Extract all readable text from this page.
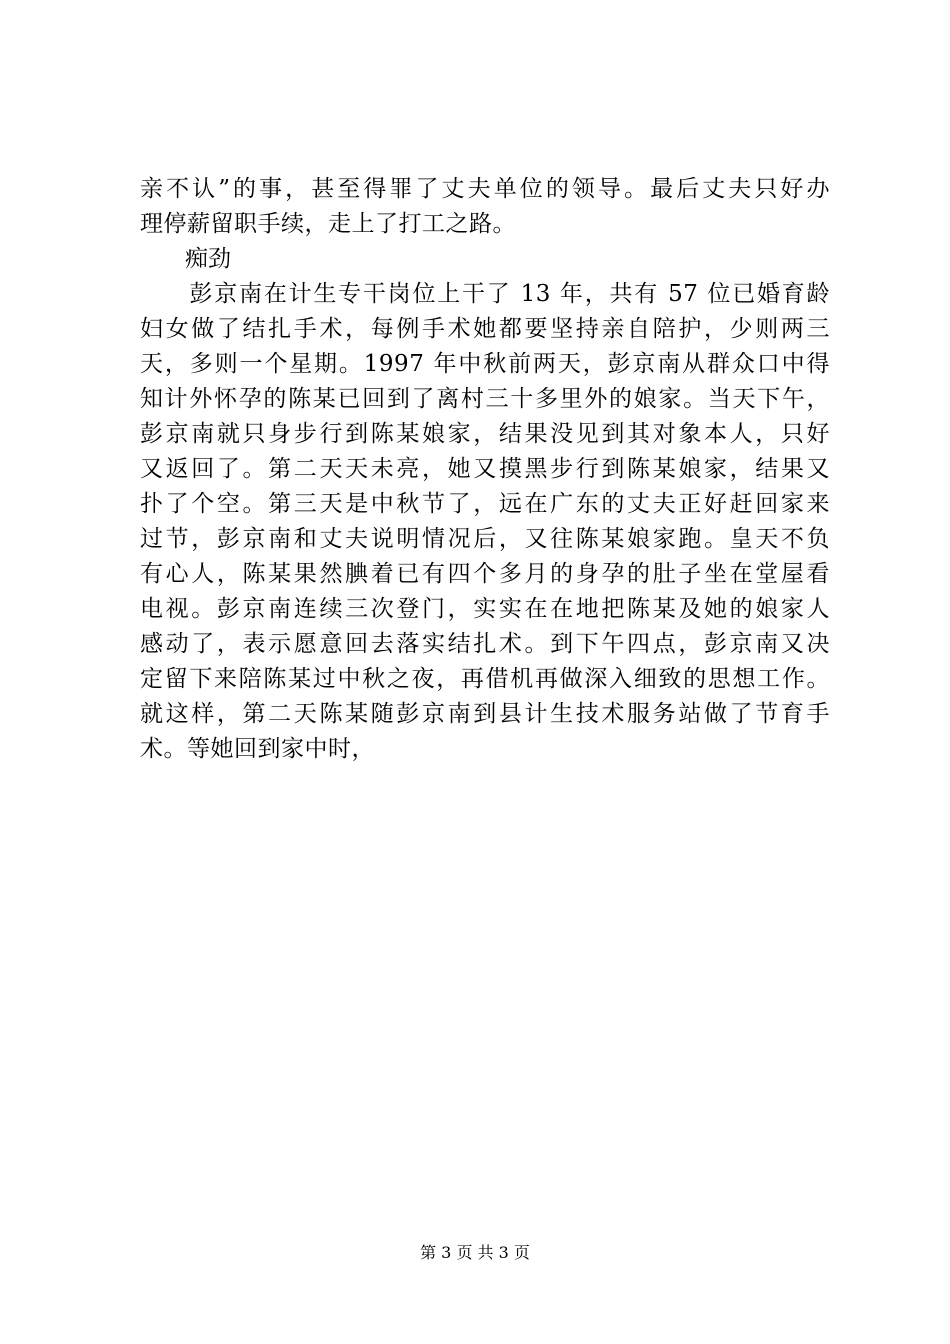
亲不认”的事，甚至得罪了丈夫单位的领导。最后丈夫只好办
理停薪留职手续，走上了打工之路。
痴劲
　　彭京南在计生专干岗位上干了 13 年，共有 57 位已婚育龄
妇女做了结扎手术，每例手术她都要坚持亲自陪护，少则两三
天，多则一个星期。1997 年中秋前两天，彭京南从群众口中得
知计外怀孕的陈某已回到了离村三十多里外的娘家。当天下午，
彭京南就只身步行到陈某娘家，结果没见到其对象本人，只好
又返回了。第二天天未亮，她又摸黑步行到陈某娘家，结果又
扑了个空。第三天是中秋节了，远在广东的丈夫正好赶回家来
过节，彭京南和丈夫说明情况后，又往陈某娘家跑。皇天不负
有心人，陈某果然腆着已有四个多月的身孕的肚子坐在堂屋看
电视。彭京南连续三次登门，实实在在地把陈某及她的娘家人
感动了，表示愿意回去落实结扎术。到下午四点，彭京南又决
定留下来陪陈某过中秋之夜，再借机再做深入细致的思想工作。
就这样，第二天陈某随彭京南到县计生技术服务站做了节育手
术。等她回到家中时，
第 3 页 共 3 页
